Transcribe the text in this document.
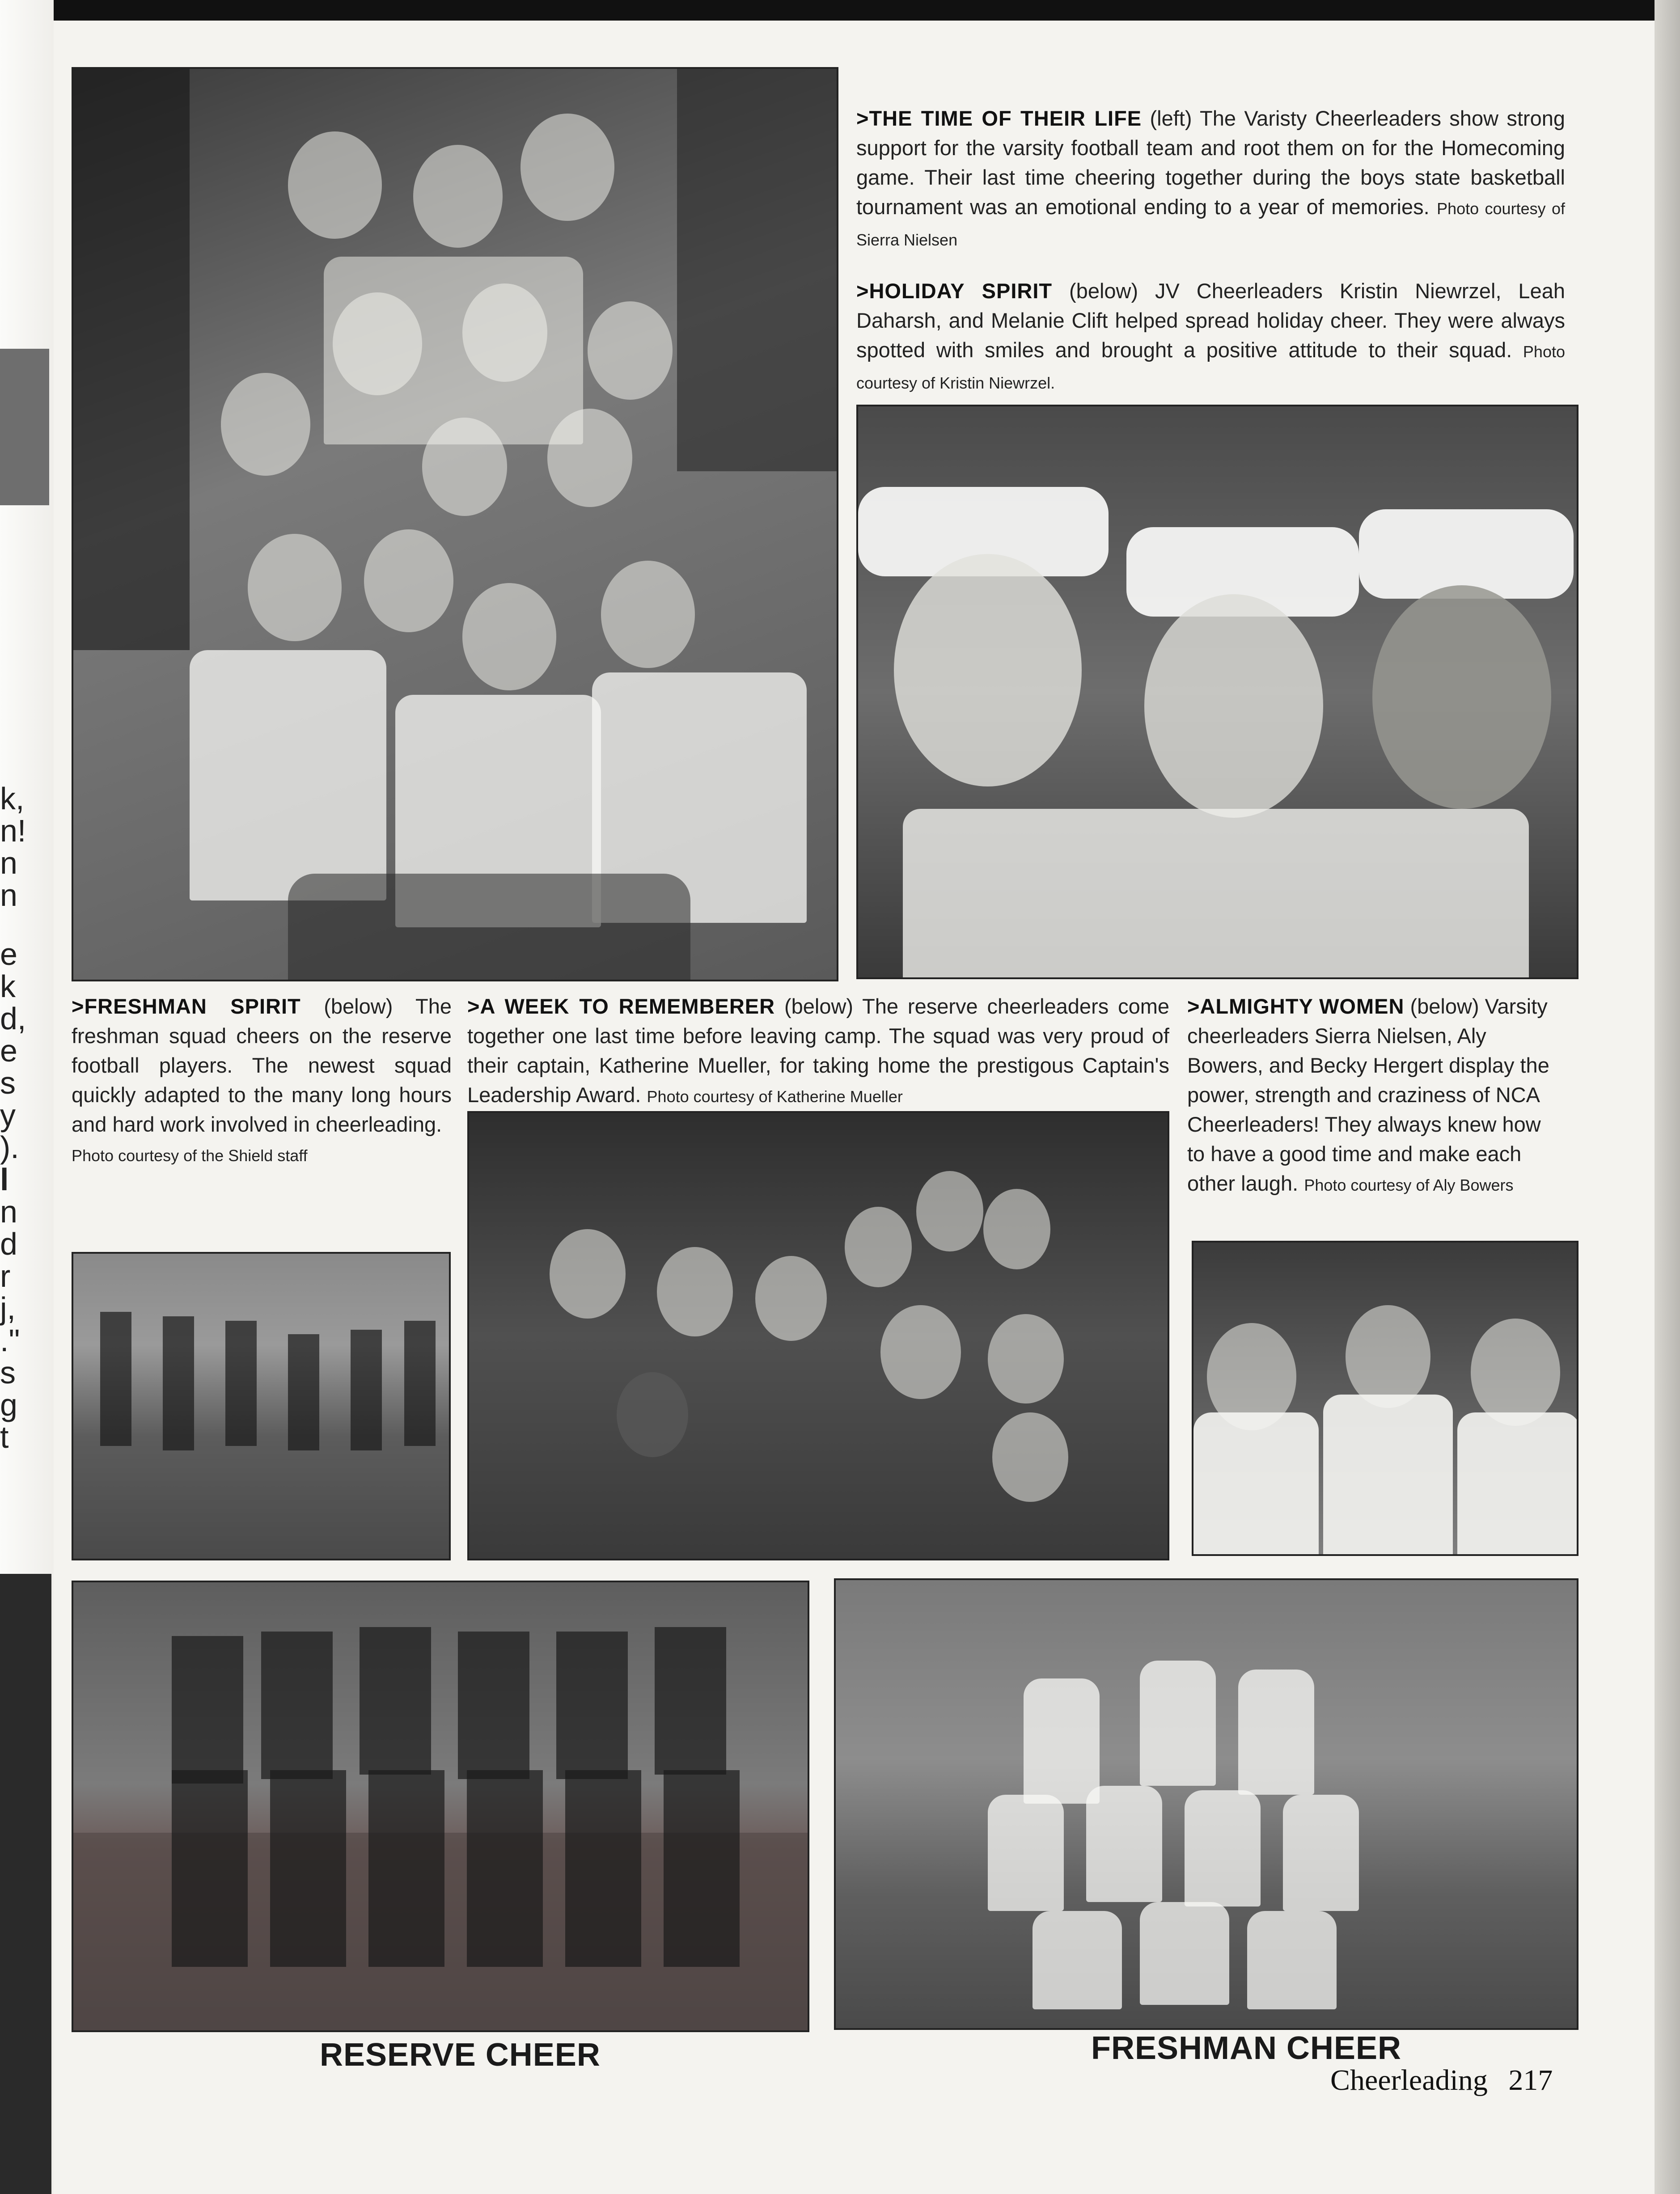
k,
n!
n
n
e
k
d,
e
s
y
).
l
n
d
r
j,
."
s
g
t
>THE TIME OF THEIR LIFE (left) The Varisty Cheerleaders show strong support for the varsity football team and root them on for the Homecoming game. Their last time cheering together during the boys state basketball tournament was an emotional ending to a year of memories. Photo courtesy of Sierra Nielsen
>HOLIDAY SPIRIT (below) JV Cheerleaders Kristin Niewrzel, Leah Daharsh, and Melanie Clift helped spread holiday cheer. They were always spotted with smiles and brought a positive attitude to their squad. Photo courtesy of Kristin Niewrzel.
>FRESHMAN SPIRIT (below) The freshman squad cheers on the reserve football players. The newest squad quickly adapted to the many long hours and hard work involved in cheerleading.
Photo courtesy of the Shield staff
>A WEEK TO REMEMBERER (below) The reserve cheerleaders come together one last time before leaving camp. The squad was very proud of their captain, Katherine Mueller, for taking home the prestigous Captain's Leadership Award. Photo courtesy of Katherine Mueller
>ALMIGHTY WOMEN (below) Varsity cheerleaders Sierra Nielsen, Aly Bowers, and Becky Hergert display the power, strength and craziness of NCA Cheerleaders! They always knew how to have a good time and make each other laugh. Photo courtesy of Aly Bowers
RESERVE CHEER	FRESHMAN CHEER
Cheerleading 217
